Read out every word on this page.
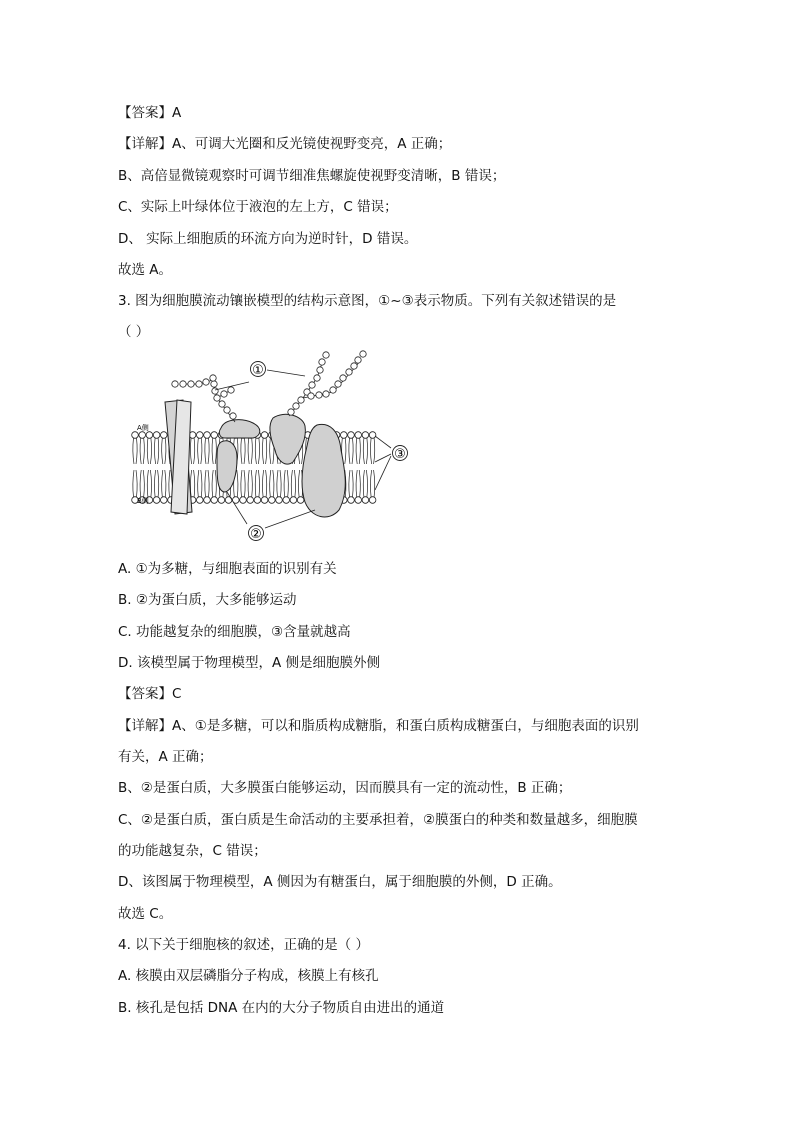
【答案】A
【详解】A、可调大光圈和反光镜使视野变亮，A 正确；
B、高倍显微镜观察时可调节细准焦螺旋使视野变清晰，B 错误；
C、实际上叶绿体位于液泡的左上方，C 错误；
D、 实际上细胞质的环流方向为逆时针，D 错误。
故选 A。
3. 图为细胞膜流动镶嵌模型的结构示意图，①~③表示物质。下列有关叙述错误的是
（ ）
①
③
②
A侧
B侧
A. ①为多糖，与细胞表面的识别有关
B. ②为蛋白质，大多能够运动
C. 功能越复杂的细胞膜，③含量就越高
D. 该模型属于物理模型，A 侧是细胞膜外侧
【答案】C
【详解】A、①是多糖，可以和脂质构成糖脂，和蛋白质构成糖蛋白，与细胞表面的识别
有关，A 正确；
B、②是蛋白质，大多膜蛋白能够运动，因而膜具有一定的流动性，B 正确；
C、②是蛋白质，蛋白质是生命活动的主要承担着，②膜蛋白的种类和数量越多，细胞膜
的功能越复杂，C 错误；
D、该图属于物理模型，A 侧因为有糖蛋白，属于细胞膜的外侧，D 正确。
故选 C。
4. 以下关于细胞核的叙述，正确的是（ ）
A. 核膜由双层磷脂分子构成，核膜上有核孔
B. 核孔是包括 DNA 在内的大分子物质自由进出的通道
